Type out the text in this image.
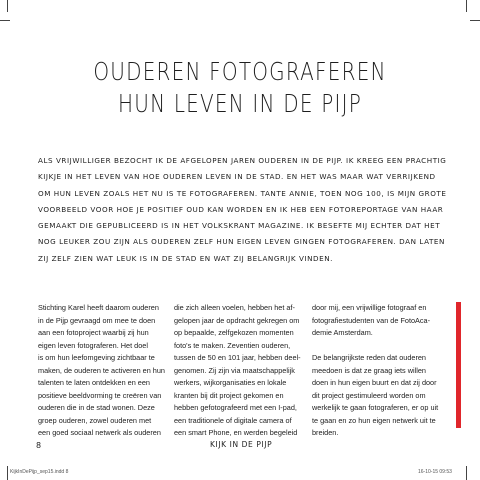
OUDEREN FOTOGRAFEREN
HUN LEVEN IN DE PIJP
ALS VRIJWILLIGER BEZOCHT IK DE AFGELOPEN JAREN OUDEREN IN DE PIJP. IK KREEG EEN PRACHTIG
KIJKJE IN HET LEVEN VAN HOE OUDEREN LEVEN IN DE STAD. EN HET WAS MAAR WAT VERRIJKEND
OM HUN LEVEN ZOALS HET NU IS TE FOTOGRAFEREN. TANTE ANNIE, TOEN NOG 100, IS MIJN GROTE
VOORBEELD VOOR HOE JE POSITIEF OUD KAN WORDEN EN IK HEB EEN FOTOREPORTAGE VAN HAAR
GEMAAKT DIE GEPUBLICEERD IS IN HET VOLKSKRANT MAGAZINE. IK BESEFTE MIJ ECHTER DAT HET
NOG LEUKER ZOU ZIJN ALS OUDEREN ZELF HUN EIGEN LEVEN GINGEN FOTOGRAFEREN. DAN LATEN
ZIJ ZELF ZIEN WAT LEUK IS IN DE STAD EN WAT ZIJ BELANGRIJK VINDEN.
Stichting Karel heeft daarom ouderen
in de Pijp gevraagd om mee te doen
aan een fotoproject waarbij zij hun
eigen leven fotograferen. Het doel
is om hun leefomgeving zichtbaar te
maken, de ouderen te activeren en hun
talenten te laten ontdekken en een
positieve beeldvorming te creëren van
ouderen die in de stad wonen. Deze
groep ouderen, zowel ouderen met
een goed sociaal netwerk als ouderen
die zich alleen voelen, hebben het af-
gelopen jaar de opdracht gekregen om
op bepaalde, zelfgekozen momenten
foto's te maken. Zeventien ouderen,
tussen de 50 en 101 jaar, hebben deel-
genomen. Zij zijn via maatschappelijk
werkers, wijkorganisaties en lokale
kranten bij dit project gekomen en
hebben gefotografeerd met een I-pad,
een traditionele of digitale camera of
een smart Phone, en werden begeleid
door mij, een vrijwillige fotograaf en
fotografiestudenten van de FotoAca-
demie Amsterdam.
De belangrijkste reden dat ouderen
meedoen is dat ze graag iets willen
doen in hun eigen buurt en dat zij door
dit project gestimuleerd worden om
werkelijk te gaan fotograferen, er op uit
te gaan en zo hun eigen netwerk uit te
breiden.
8	KIJK IN DE PIJP
KijkInDePijp_sep15.indd 8	16-10-15 09:53
